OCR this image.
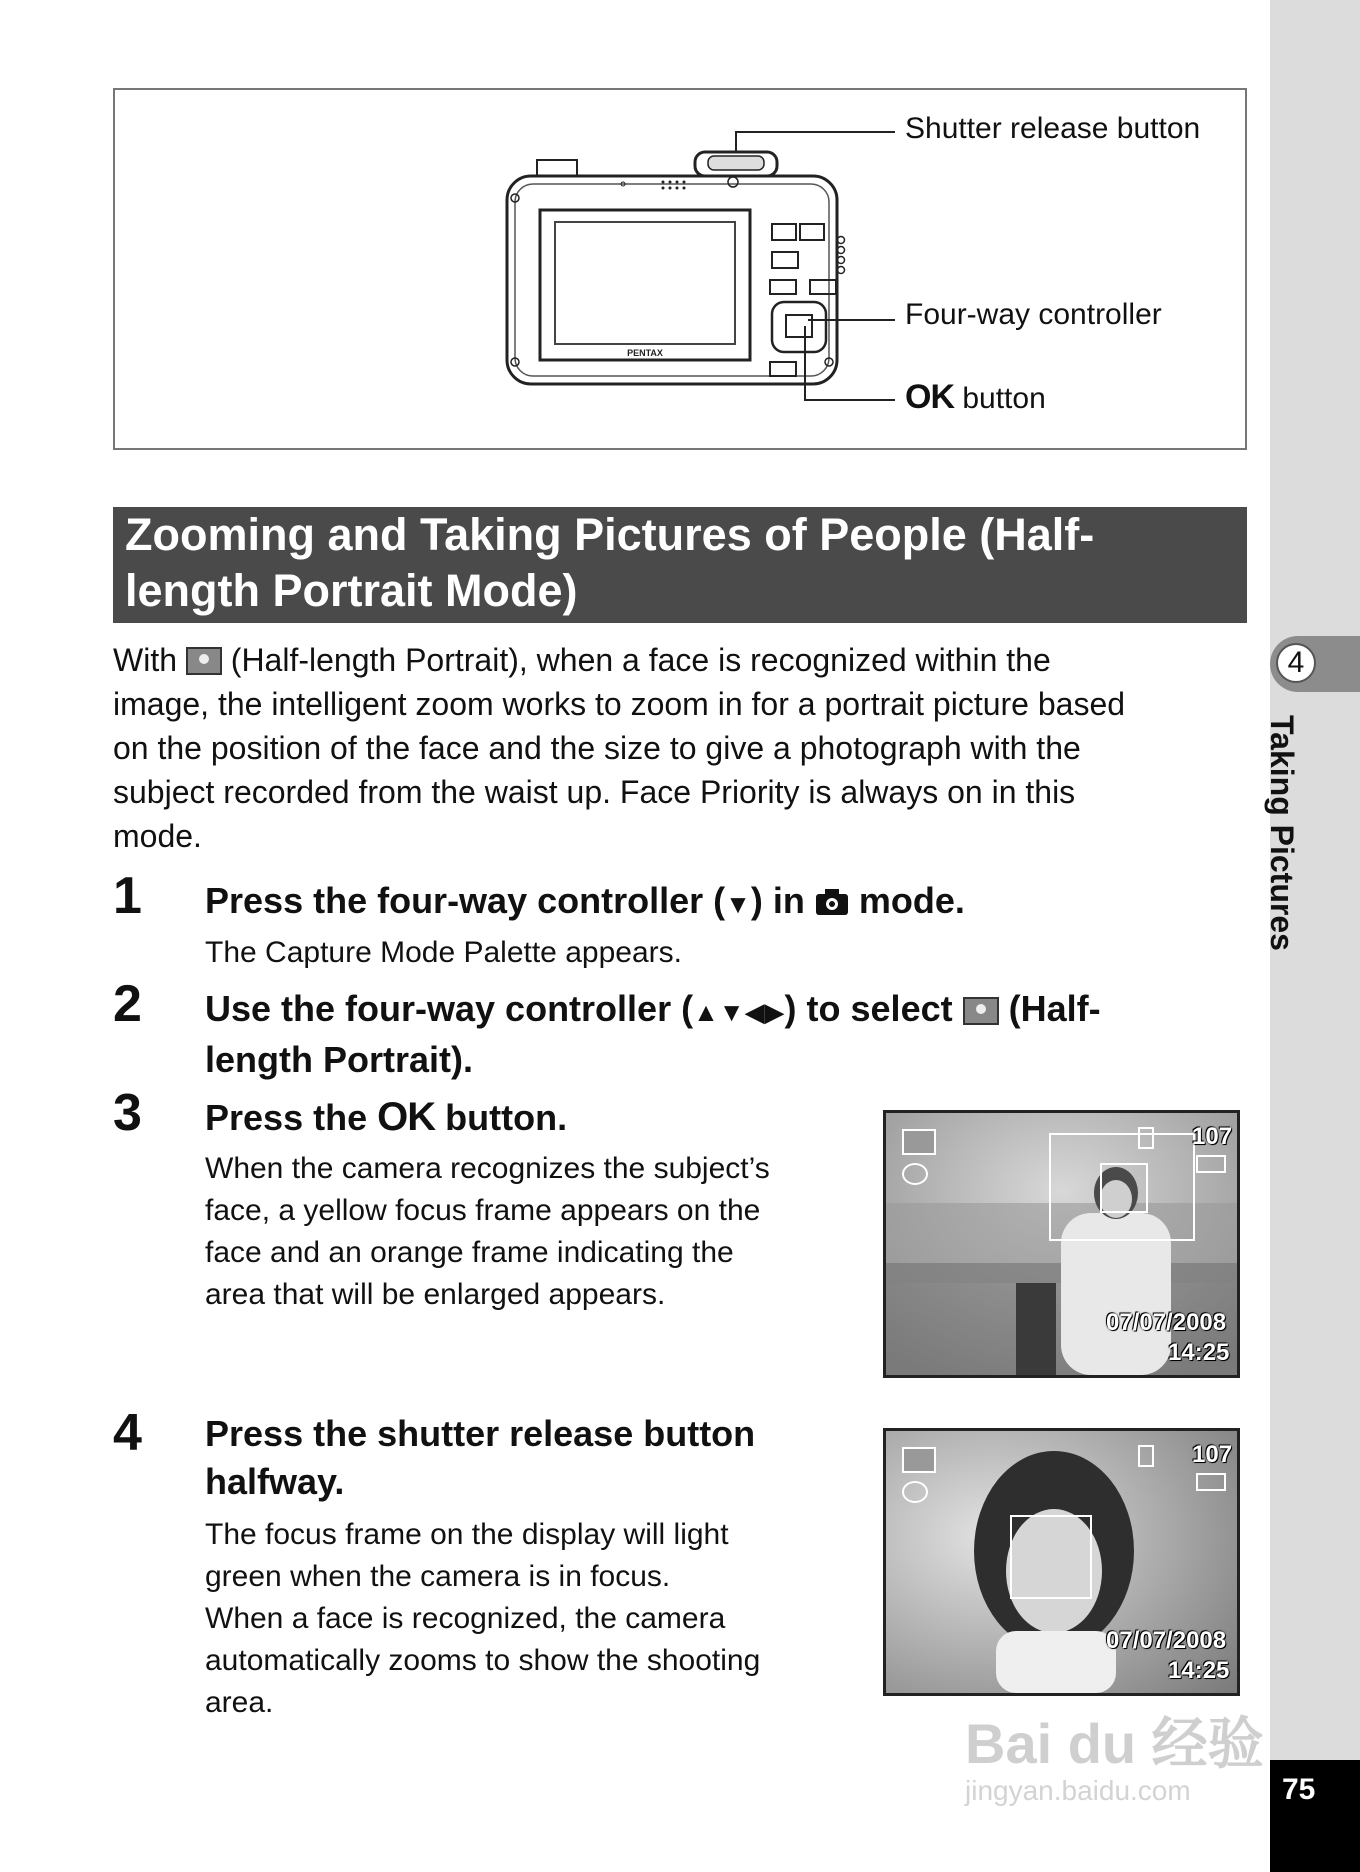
4
Taking Pictures
75
PENTAX
Shutter release button
Four-way controller
OK button
Zooming and Taking Pictures of People (Half-
length Portrait Mode)
With (Half-length Portrait), when a face is recognized within the
image, the intelligent zoom works to zoom in for a portrait picture based
on the position of the face and the size to give a photograph with the
subject recorded from the waist up. Face Priority is always on in this
mode.
1 Press the four-way controller (▼) in mode.
The Capture Mode Palette appears.
2 Use the four-way controller (▲▼◀▶) to select (Half-
length Portrait).
3 Press the OK button.
When the camera recognizes the subject’s
face, a yellow focus frame appears on the
face and an orange frame indicating the
area that will be enlarged appears.
4 Press the shutter release button
halfway.
The focus frame on the display will light
green when the camera is in focus.
When a face is recognized, the camera
automatically zooms to show the shooting
area.
107
07/07/2008
14:25
107
07/07/2008
14:25
Bai du 经验
jingyan.baidu.com
